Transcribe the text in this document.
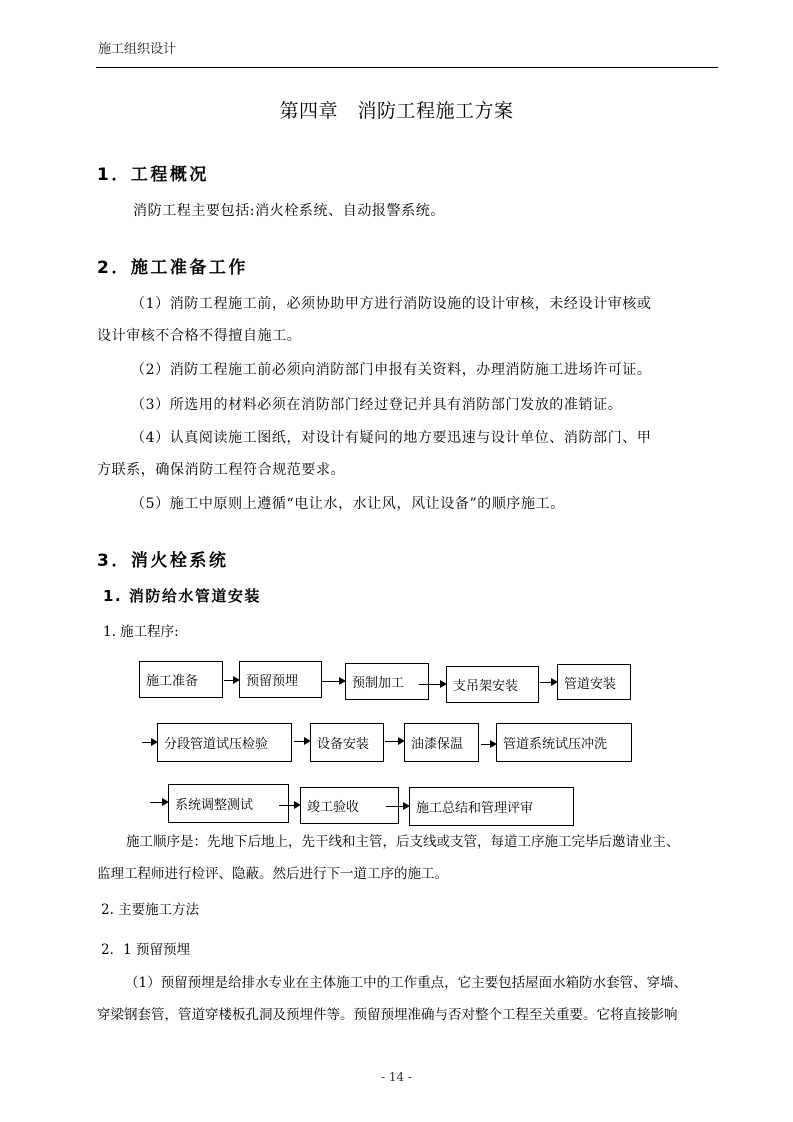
施工组织设计
第四章　消防工程施工方案
1．工程概况
消防工程主要包括:消火栓系统、自动报警系统。
2．施工准备工作
（1）消防工程施工前，必须协助甲方进行消防设施的设计审核，未经设计审核或
设计审核不合格不得擅自施工。
（2）消防工程施工前必须向消防部门申报有关资料，办理消防施工进场许可证。
（3）所选用的材料必须在消防部门经过登记并具有消防部门发放的准销证。
（4）认真阅读施工图纸，对设计有疑问的地方要迅速与设计单位、消防部门、甲
方联系，确保消防工程符合规范要求。
（5）施工中原则上遵循“电让水，水让风，风让设备”的顺序施工。
3．消火栓系统
1. 消防给水管道安装
1. 施工程序:
施工准备	预留预埋	预制加工	支吊架安装	管道安装
分段管道试压检验	设备安装	油漆保温	管道系统试压冲洗
系统调整测试	竣工验收	施工总结和管理评审
施工顺序是：先地下后地上，先干线和主管，后支线或支管，每道工序施工完毕后邀请业主、
监理工程师进行检评、隐蔽。然后进行下一道工序的施工。
2. 主要施工方法
2．1 预留预埋
（1）预留预埋是给排水专业在主体施工中的工作重点，它主要包括屋面水箱防水套管、穿墙、
穿梁钢套管，管道穿楼板孔洞及预埋件等。预留预埋准确与否对整个工程至关重要。它将直接影响
- 14 -
